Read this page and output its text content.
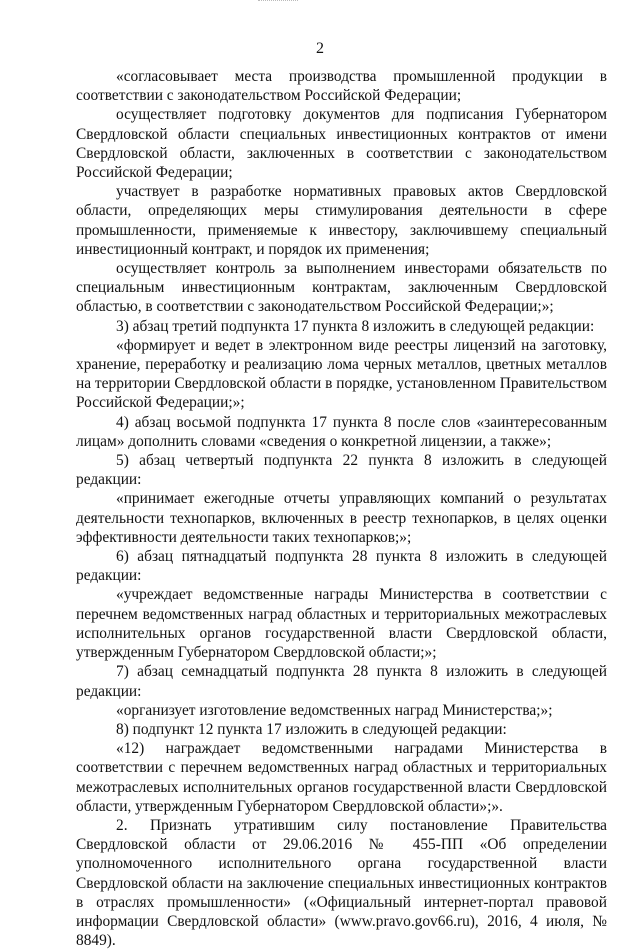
2

«согласовывает места производства промышленной продукции в соответствии с законодательством Российской Федерации;

осуществляет подготовку документов для подписания Губернатором Свердловской области специальных инвестиционных контрактов от имени Свердловской области, заключенных в соответствии с законодательством Российской Федерации;

участвует в разработке нормативных правовых актов Свердловской области, определяющих меры стимулирования деятельности в сфере промышленности, применяемые к инвестору, заключившему специальный инвестиционный контракт, и порядок их применения;

осуществляет контроль за выполнением инвесторами обязательств по специальным инвестиционным контрактам, заключенным Свердловской областью, в соответствии с законодательством Российской Федерации;»;

3) абзац третий подпункта 17 пункта 8 изложить в следующей редакции:

«формирует и ведет в электронном виде реестры лицензий на заготовку, хранение, переработку и реализацию лома черных металлов, цветных металлов на территории Свердловской области в порядке, установленном Правительством Российской Федерации;»;

4) абзац восьмой подпункта 17 пункта 8 после слов «заинтересованным лицам» дополнить словами «сведения о конкретной лицензии, а также»;

5) абзац четвертый подпункта 22 пункта 8 изложить в следующей редакции:

«принимает ежегодные отчеты управляющих компаний о результатах деятельности технопарков, включенных в реестр технопарков, в целях оценки эффективности деятельности таких технопарков;»;

6) абзац пятнадцатый подпункта 28 пункта 8 изложить в следующей редакции:

«учреждает ведомственные награды Министерства в соответствии с перечнем ведомственных наград областных и территориальных межотраслевых исполнительных органов государственной власти Свердловской области, утвержденным Губернатором Свердловской области;»;

7) абзац семнадцатый подпункта 28 пункта 8 изложить в следующей редакции:

«организует изготовление ведомственных наград Министерства;»;

8) подпункт 12 пункта 17 изложить в следующей редакции:

«12) награждает ведомственными наградами Министерства в соответствии с перечнем ведомственных наград областных и территориальных межотраслевых исполнительных органов государственной власти Свердловской области, утвержденным Губернатором Свердловской области»;».

2. Признать утратившим силу постановление Правительства Свердловской области от 29.06.2016 № 455-ПП «Об определении уполномоченного исполнительного органа государственной власти Свердловской области на заключение специальных инвестиционных контрактов в отраслях промышленности» («Официальный интернет-портал правовой информации Свердловской области» (www.pravo.gov66.ru), 2016, 4 июля, № 8849).
